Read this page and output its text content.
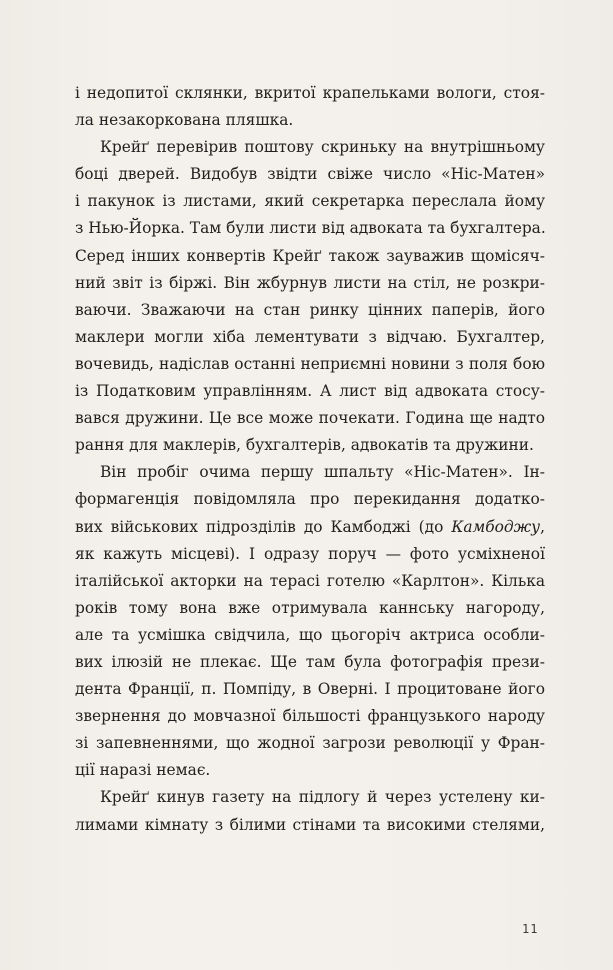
і недопитої склянки, вкритої крапельками вологи, стоя-
ла незакоркована пляшка.

Крейґ перевірив поштову скриньку на внутрішньому
боці дверей. Видобув звідти свіже число «Ніс-Матен»
і пакунок із листами, який секретарка переслала йому
з Нью-Йорка. Там були листи від адвоката та бухгалтера.
Серед інших конвертів Крейґ також зауважив щомісяч-
ний звіт із біржі. Він жбурнув листи на стіл, не розкри-
ваючи. Зважаючи на стан ринку цінних паперів, його
маклери могли хіба лементувати з відчаю. Бухгалтер,
вочевидь, надіслав останні неприємні новини з поля бою
із Податковим управлінням. А лист від адвоката стосу-
вався дружини. Це все може почекати. Година ще надто
рання для маклерів, бухгалтерів, адвокатів та дружини.

Він пробіг очима першу шпальту «Ніс-Матен». Ін-
формагенція повідомляла про перекидання додатко-
вих військових підрозділів до Камбоджі (до Камбоджу,
як кажуть місцеві). І одразу поруч — фото усміхненої
італійської акторки на терасі готелю «Карлтон». Кілька
років тому вона вже отримувала каннську нагороду,
але та усмішка свідчила, що цьогоріч актриса особли-
вих ілюзій не плекає. Ще там була фотографія прези-
дента Франції, п. Помпіду, в Оверні. І процитоване його
звернення до мовчазної більшості французького народу
зі запевненнями, що жодної загрози революції у Фран-
ції наразі немає.

Крейґ кинув газету на підлогу й через устелену ки-
лимами кімнату з білими стінами та високими стелями,

11
